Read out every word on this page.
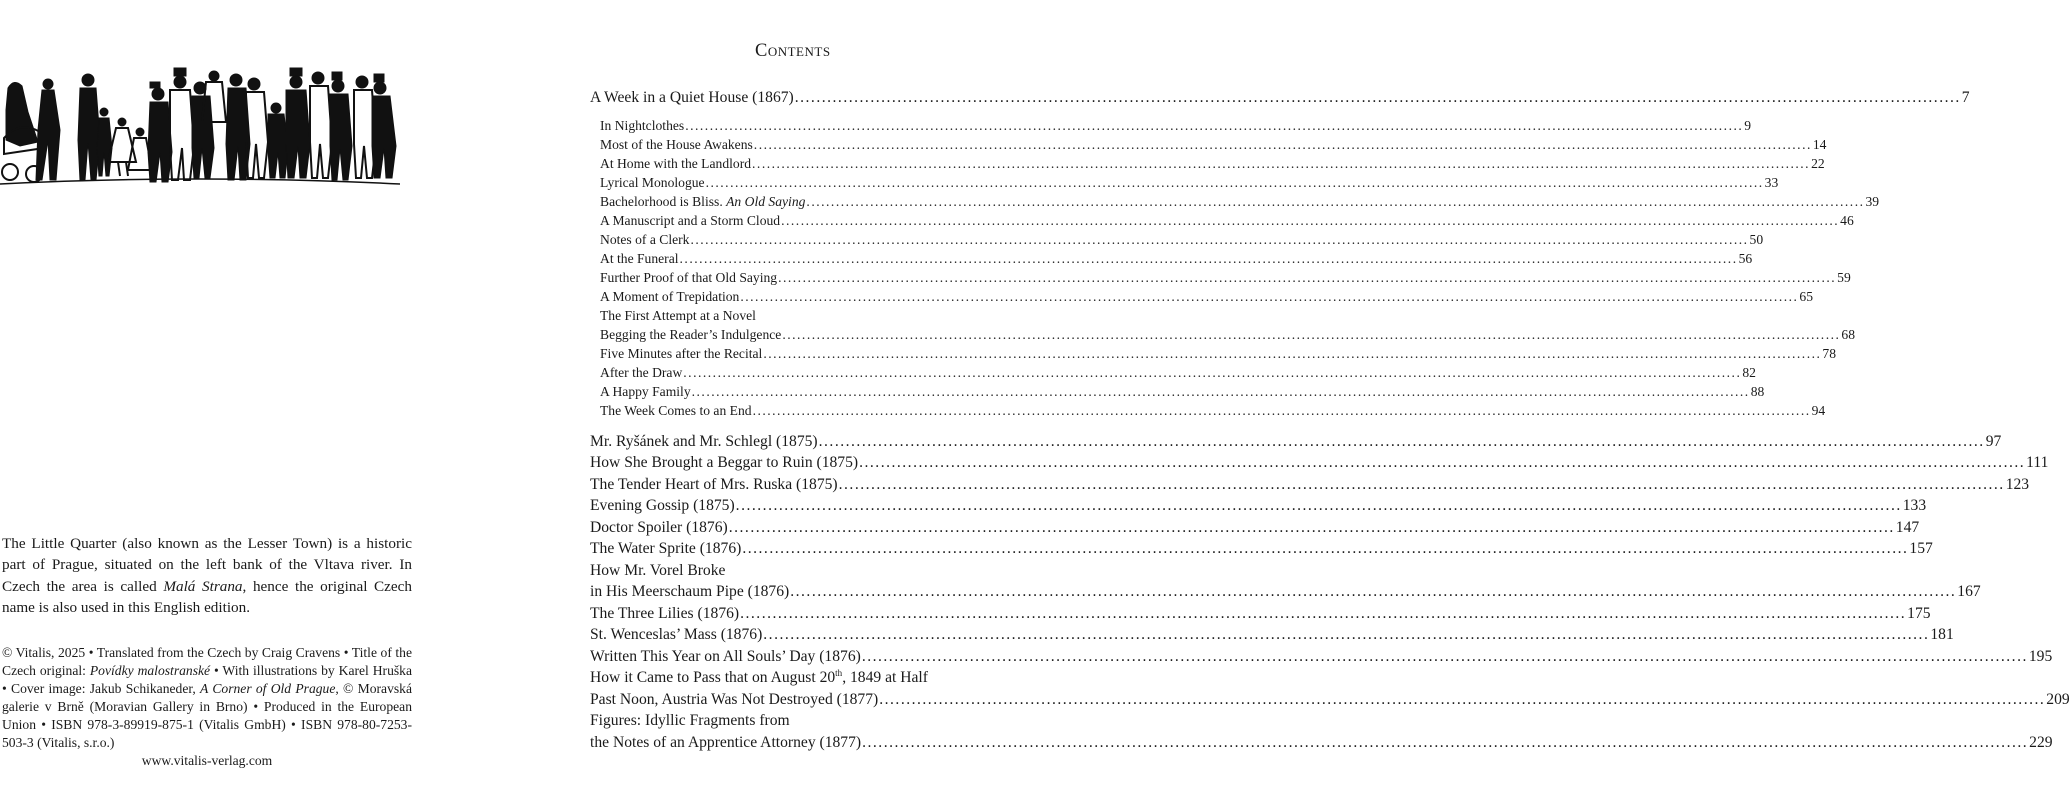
The Little Quarter (also known as the Lesser Town) is a historic part of Prague, situated on the left bank of the Vltava river. In Czech the area is called Malá Strana, hence the original Czech name is also used in this English edition.

© Vitalis, 2025 • Translated from the Czech by Craig Cravens • Title of the Czech original: Povídky malostranské • With illustrations by Karel Hruška • Cover image: Jakub Schikaneder, A Corner of Old Prague, © Moravská galerie v Brně (Moravian Gallery in Brno) • Produced in the European Union • ISBN 978-3-89919-875-1 (Vitalis GmbH) • ISBN 978-80-7253-503-3 (Vitalis, s.r.o.)
www.vitalis-verlag.com

Contents
A Week in a Quiet House (1867) .....	7
In Nightclothes .....	9
Most of the House Awakens .....	14
At Home with the Landlord .....	22
Lyrical Monologue .....	33
Bachelorhood is Bliss. An Old Saying .....	39
A Manuscript and a Storm Cloud .....	46
Notes of a Clerk .....	50
At the Funeral .....	56
Further Proof of that Old Saying .....	59
A Moment of Trepidation .....	65
The First Attempt at a Novel
Begging the Reader’s Indulgence .....	68
Five Minutes after the Recital .....	78
After the Draw .....	82
A Happy Family .....	88
The Week Comes to an End .....	94
Mr. Ryšánek and Mr. Schlegl (1875) .....	97
How She Brought a Beggar to Ruin (1875) .....	111
The Tender Heart of Mrs. Ruska (1875) .....	123
Evening Gossip (1875) .....	133
Doctor Spoiler (1876) .....	147
The Water Sprite (1876) .....	157
How Mr. Vorel Broke
in His Meerschaum Pipe (1876) .....	167
The Three Lilies (1876) .....	175
St. Wenceslas’ Mass (1876) .....	181
Written This Year on All Souls’ Day (1876) .....	195
How it Came to Pass that on August 20th, 1849 at Half
Past Noon, Austria Was Not Destroyed (1877) .....	209
Figures: Idyllic Fragments from
the Notes of an Apprentice Attorney (1877) .....	229
